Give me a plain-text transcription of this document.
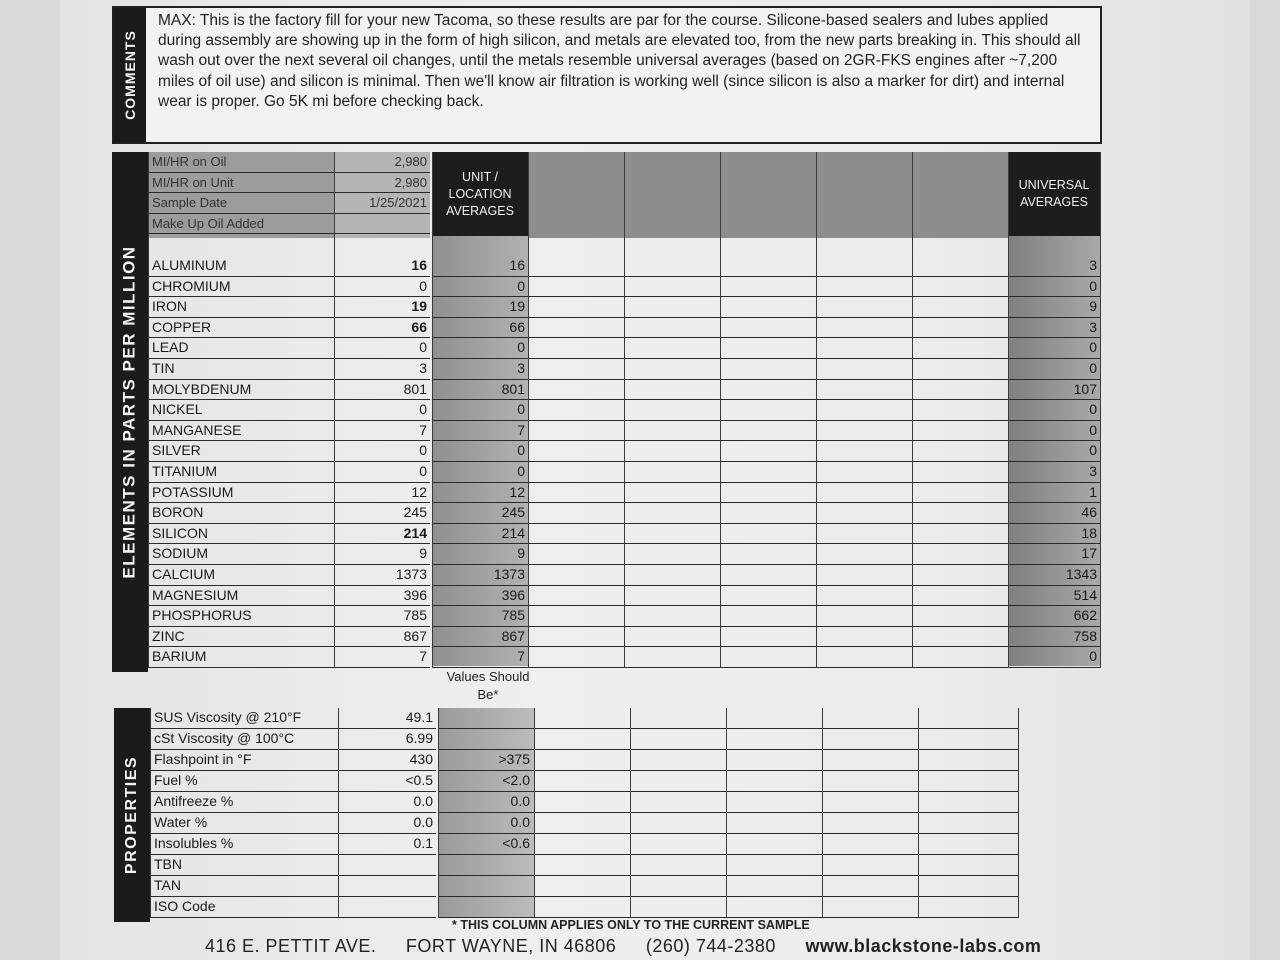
COMMENTS
MAX: This is the factory fill for your new Tacoma, so these results are par for the course. Silicone-based sealers and lubes applied during assembly are showing up in the form of high silicon, and metals are elevated too, from the new parts breaking in. This should all wash out over the next several oil changes, until the metals resemble universal averages (based on 2GR-FKS engines after ~7,200 miles of oil use) and silicon is minimal. Then we'll know air filtration is working well (since silicon is also a marker for dirt) and internal wear is proper. Go 5K mi before checking back.
ELEMENTS IN PARTS PER MILLION
MI/HR on Oil	2,980
MI/HR on Unit	2,980
Sample Date	1/25/2021
Make Up Oil Added
UNIT / LOCATION AVERAGES
UNIVERSAL AVERAGES
ALUMINUM	16	16	3
CHROMIUM	0	0	0
IRON	19	19	9
COPPER	66	66	3
LEAD	0	0	0
TIN	3	3	0
MOLYBDENUM	801	801	107
NICKEL	0	0	0
MANGANESE	7	7	0
SILVER	0	0	0
TITANIUM	0	0	3
POTASSIUM	12	12	1
BORON	245	245	46
SILICON	214	214	18
SODIUM	9	9	17
CALCIUM	1373	1373	1343
MAGNESIUM	396	396	514
PHOSPHORUS	785	785	662
ZINC	867	867	758
BARIUM	7	7	0
Values Should Be*
PROPERTIES
SUS Viscosity @ 210°F	49.1
cSt Viscosity @ 100°C	6.99
Flashpoint in °F	430	>375
Fuel %	<0.5	<2.0
Antifreeze %	0.0	0.0
Water %	0.0	0.0
Insolubles %	0.1	<0.6
TBN
TAN
ISO Code
* THIS COLUMN APPLIES ONLY TO THE CURRENT SAMPLE
416 E. PETTIT AVE. FORT WAYNE, IN 46806 (260) 744-2380 www.blackstone-labs.com
